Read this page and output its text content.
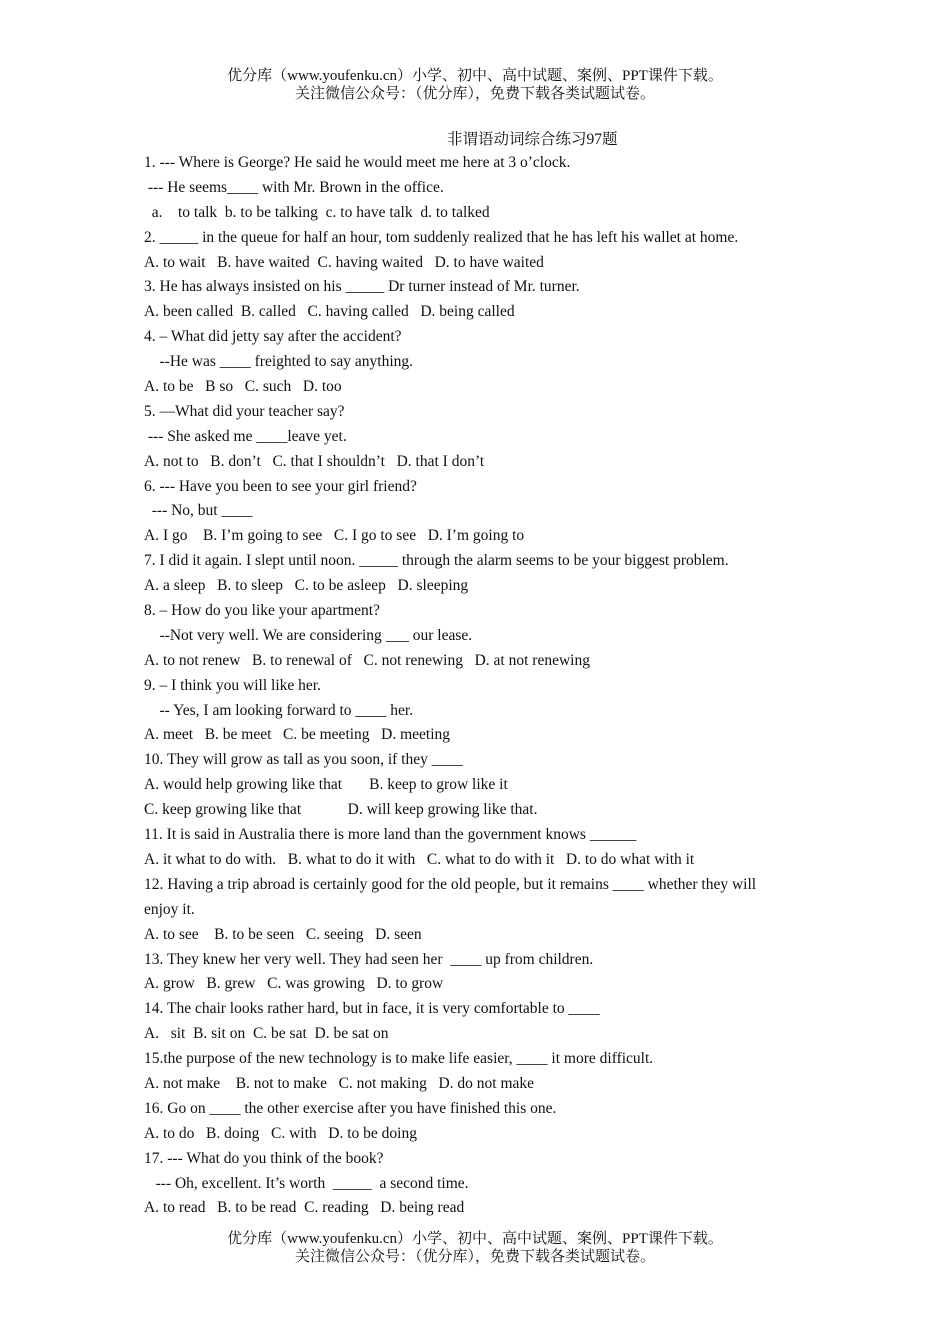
优分库（www.youfenku.cn）小学、初中、高中试题、案例、PPT课件下载。
关注微信公众号：（优分库），免费下载各类试题试卷。
非谓语动词综合练习97题
1. --- Where is George? He said he would meet me here at 3 o’clock.
--- He seems____ with Mr. Brown in the office.
a.    to talk  b. to be talking  c. to have talk  d. to talked
2. _____ in the queue for half an hour, tom suddenly realized that he has left his wallet at home.
A. to wait   B. have waited  C. having waited   D. to have waited
3. He has always insisted on his _____ Dr turner instead of Mr. turner.
A. been called  B. called   C. having called   D. being called
4. – What did jetty say after the accident?
--He was ____ freighted to say anything.
A. to be   B so   C. such   D. too
5. —What did your teacher say?
--- She asked me ____leave yet.
A. not to   B. don’t   C. that I shouldn’t   D. that I don’t
6. --- Have you been to see your girl friend?
--- No, but ____
A. I go    B. I’m going to see   C. I go to see   D. I’m going to
7. I did it again. I slept until noon. _____ through the alarm seems to be your biggest problem.
A. a sleep   B. to sleep   C. to be asleep   D. sleeping
8. – How do you like your apartment?
--Not very well. We are considering ___ our lease.
A. to not renew   B. to renewal of   C. not renewing   D. at not renewing
9. – I think you will like her.
-- Yes, I am looking forward to ____ her.
A. meet   B. be meet   C. be meeting   D. meeting
10. They will grow as tall as you soon, if they ____
A. would help growing like that       B. keep to grow like it
C. keep growing like that            D. will keep growing like that.
11. It is said in Australia there is more land than the government knows ______
A. it what to do with.   B. what to do it with   C. what to do with it   D. to do what with it
12. Having a trip abroad is certainly good for the old people, but it remains ____ whether they will
enjoy it.
A. to see    B. to be seen   C. seeing   D. seen
13. They knew her very well. They had seen her  ____ up from children.
A. grow   B. grew   C. was growing   D. to grow
14. The chair looks rather hard, but in face, it is very comfortable to ____
A.   sit  B. sit on  C. be sat  D. be sat on
15.the purpose of the new technology is to make life easier, ____ it more difficult.
A. not make    B. not to make   C. not making   D. do not make
16. Go on ____ the other exercise after you have finished this one.
A. to do   B. doing   C. with   D. to be doing
17. --- What do you think of the book?
--- Oh, excellent. It’s worth  _____  a second time.
A. to read   B. to be read  C. reading   D. being read
优分库（www.youfenku.cn）小学、初中、高中试题、案例、PPT课件下载。
关注微信公众号：（优分库），免费下载各类试题试卷。
